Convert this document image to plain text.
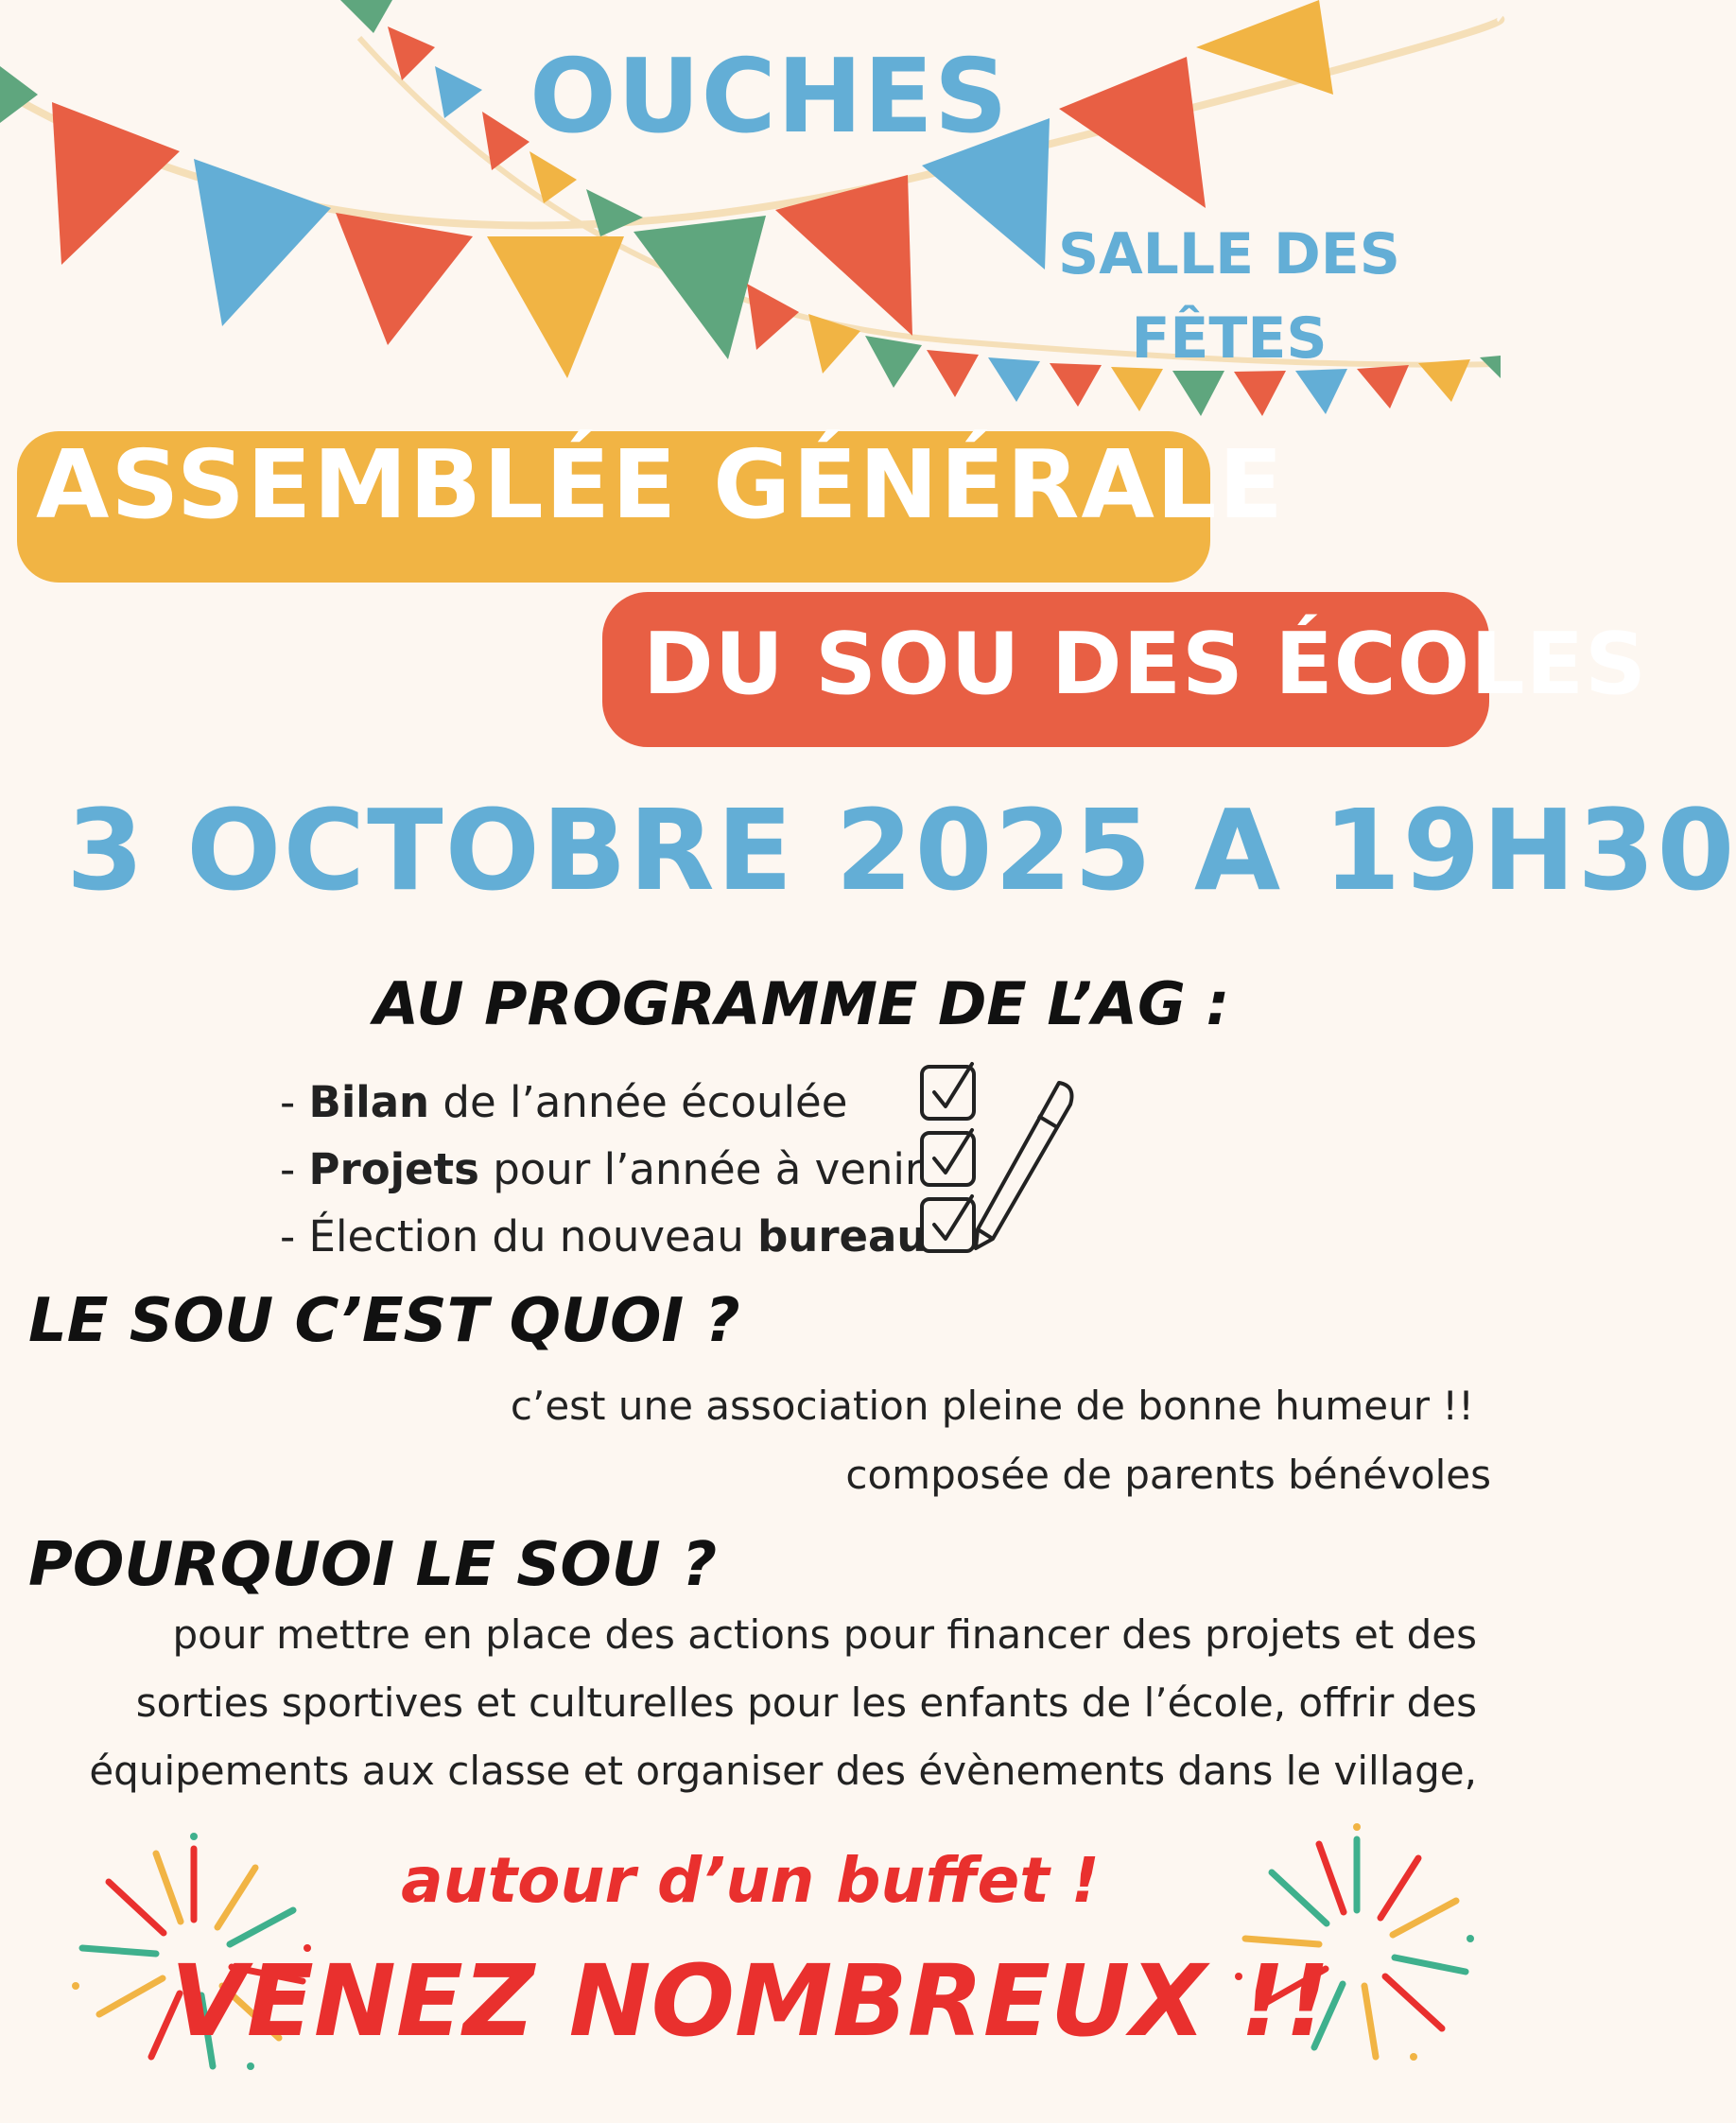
OUCHES
SALLE DES
FÊTES
ASSEMBLÉE GÉNÉRALE
DU SOU DES ÉCOLES
3 OCTOBRE 2025 A 19H30
AU PROGRAMME DE L’AG :
- Bilan de l’année écoulée
- Projets pour l’année à venir
- Élection du nouveau bureau
LE SOU C’EST QUOI ?
c’est une association pleine de bonne humeur !!
composée de parents bénévoles
POURQUOI LE SOU ?
pour mettre en place des actions pour financer des projets et des
sorties sportives et culturelles pour les enfants de l’école, offrir des
équipements aux classe et organiser des évènements dans le village,
autour d’un buffet !
VENEZ NOMBREUX !!
